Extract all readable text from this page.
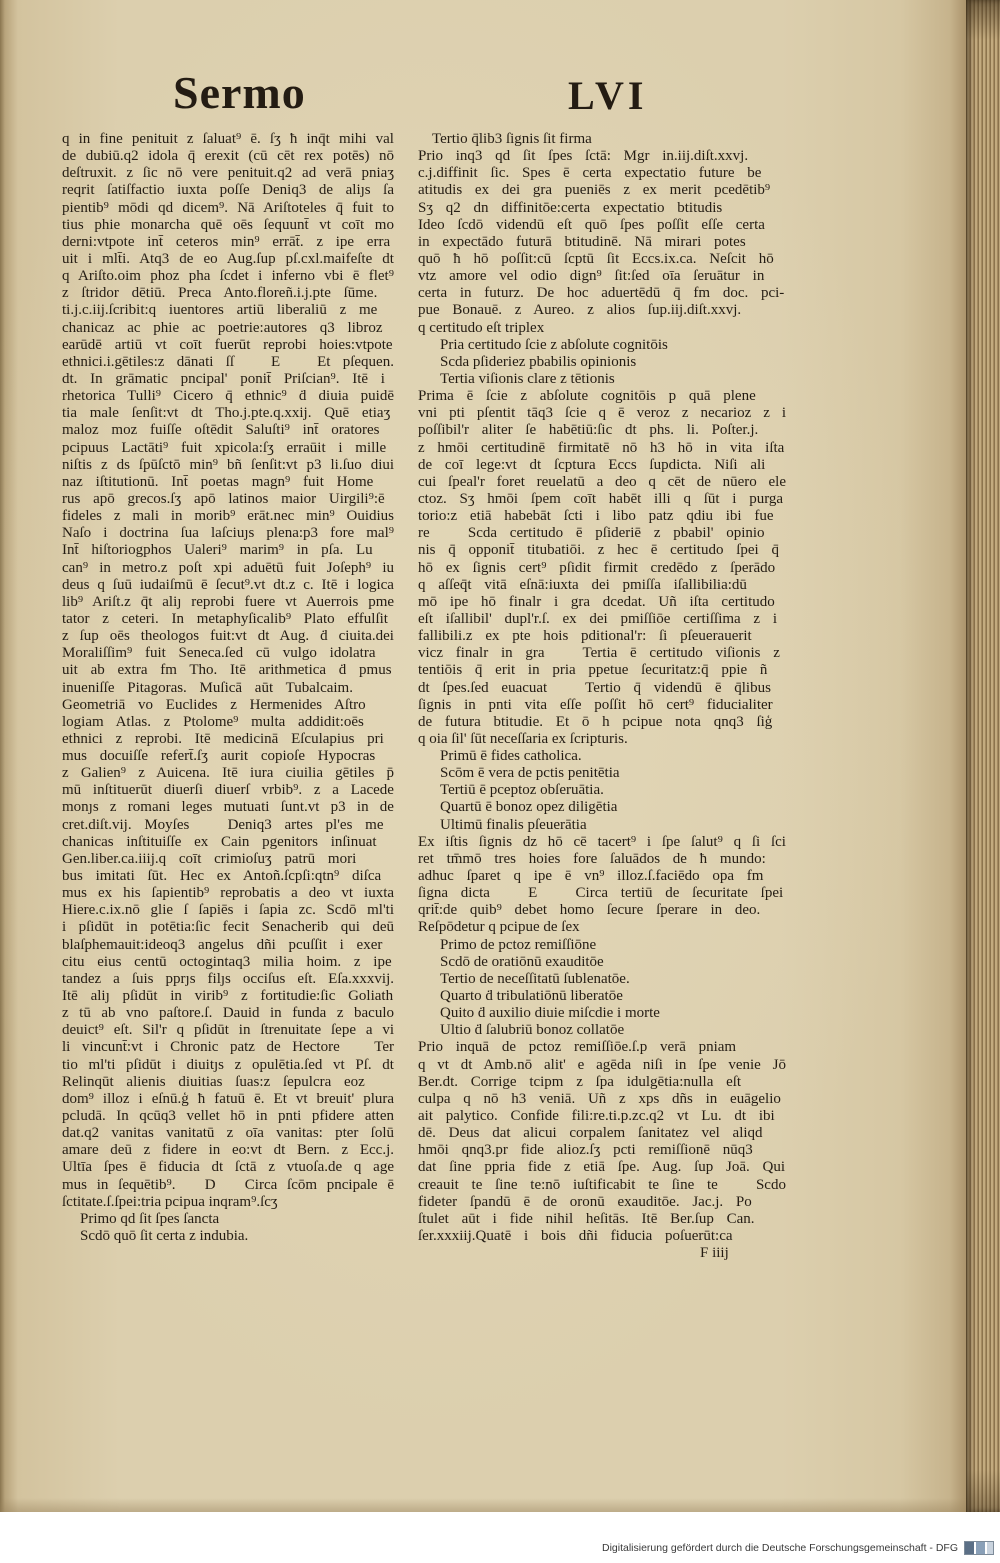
Sermo	LVI
q in fine penituit z ſaluat⁹ ē. ſʒ ħ inq̄t mihi val
de dubiū.q2 idola q̄ erexit (cū cēt rex potēs) nō
deſtruxit. z ſic nō vere penituit.q2 ad verā pniaʒ
reqrit ſatiſfactio iuxta poſſe Deniq3 de aliȷs ſa
pientib⁹ mōdi qd dicem⁹. Nā Ariſtoteles q̄ fuit to
tius phie monarcha quē oēs ſequunt̄ vt coīt mo
derni:vtpote int̄ ceteros min⁹ errāt̄. z ipe erra
uit i mlt̄i. Atq3 de eo Aug.ſup pſ.cxl.maifeſte dt
q Ariſto.oim phoz pha ſcdet i inferno vbi ē flet⁹
z ſtridor dētiū. Preca Anto.floreñ.i.j.pte ſūme.
ti.j.c.iij.ſcribit:q iuentores artiū liberaliū z me
chanicaz ac phie ac poetrie:autores q3 libroz
earūdē artiū vt coīt fuerūt reprobi hoies:vtpote
ethnici.i.gētiles:z dānati ſſ   E   Et pſequen.
dt. In grāmatic pncipal' ponit̄ Priſcian⁹. Itē i
rhetorica Tulli⁹ Cicero q̄ ethnic⁹ ḋ diuia puidē
tia male ſenſit:vt dt Tho.j.pte.q.xxij. Quē etiaʒ
maloz moz fuiſſe oſtēdit Saluſti⁹ int̄ oratores
pcipuus Lactāti⁹ fuit xpicola:ſʒ erraūit i mille
niſtis z ds ſpūſctō min⁹ bñ ſenſit:vt p3 li.ſuo diui
naz iſtitutionū. Int̄ poetas magn⁹ fuit Home
rus apō grecos.ſʒ apō latinos maior Uirgili⁹:ē
fideles z mali in morib⁹ erāt.nec min⁹ Ouidius
Naſo i doctrina ſua laſciuȷs plena:p3 fore mal⁹
Int̄ hiſtoriogphos Ualeri⁹ marim⁹ in pſa. Lu
can⁹ in metro.z poſt xpi aduētū fuit Joſeph⁹ iu
deus q ſuū iudaiſmū ē ſecut⁹.vt dt.z c. Itē i logica
lib⁹ Ariſt.z q̄t aliȷ reprobi fuere vt Auerrois pme
tator z ceteri. In metaphyſicalib⁹ Plato effulſit
z ſup oēs theologos fuit:vt dt Aug. ḋ ciuita.dei
Moraliſſim⁹ fuit Seneca.ſed cū vulgo idolatra
uit ab extra fm Tho. Itē arithmetica ḋ pmus
inueniſſe Pitagoras. Muſicā aūt Tubalcaim.
Geometriā vo Euclides z Hermenides Aſtro
logiam Atlas. z Ptolome⁹ multa addidit:oēs
ethnici z reprobi. Itē medicinā Eſculapius pri
mus docuiſſe refert̄.ſʒ aurit copioſe Hypocras
z Galien⁹ z Auicena. Itē iura ciuilia gētiles p̄
mū inſtituerūt diuerſi diuerſ vrbib⁹. z a Lacede
monȷs z romani leges mutuati ſunt.vt p3 in de
cret.diſt.vij. Moyſes   Deniq3 artes pl'es me
chanicas inſtituiſſe ex Cain pgenitors inſinuat
Gen.liber.ca.iiij.q coīt crimioſuʒ patrū mori
bus imitati ſūt. Hec ex Antoñ.ſcpſi:qtn⁹ diſca
mus ex his ſapientib⁹ reprobatis a deo vt iuxta
Hiere.c.ix.nō glie ſ ſapiēs i ſapia zc. Scdō ml'ti
i pſidūt in potētia:ſic fecit Senacherib qui deū
blaſphemauit:ideoq3 angelus dñi pcuſſit i exer
citu eius centū octogintaq3 milia hoim. z ipe
tandez a ſuis pprȷs filȷs occiſus eſt. Eſa.xxxvij.
Itē aliȷ pſidūt in virib⁹ z fortitudie:ſic Goliath
z tū ab vno paſtore.ſ. Dauid in funda z baculo
deuict⁹ eſt. Sil'r q pſidūt in ſtrenuitate ſepe a vi
li vincunt̄:vt i Chronic patz de Hectore   Ter
tio ml'ti pſidūt i diuitȷs z opulētia.ſed vt Pſ. dt
Relinqūt alienis diuitias ſuas:z ſepulcra eoz
dom⁹ illoz i eſnū.ģ ħ fatuū ē. Et vt breuit' plura
pcludā. In qcūq3 vellet hō in pnti pfidere atten
dat.q2 vanitas vanitatū z oīa vanitas: pter ſolū
amare deū z fidere in eo:vt dt Bern. z Ecc.j.
Ultīa ſpes ē fiducia dt ſctā z vtuoſa.de q age
mus in ſequētib⁹.   D   Circa ſcōm pncipale ē
ſctitate.ſ.ſpei:tria pcipua inqram⁹.ſcʒ
Primo qd ſit ſpes ſancta
Scdō quō ſit certa z indubia.
Tertio q̄lib3 ſignis ſit firma
Prio inq3 qd ſit ſpes ſctā: Mgr in.iij.diſt.xxvj.
c.j.diffinit ſic. Spes ē certa expectatio future be
atitudis ex dei gra pueniēs z ex merit pcedētib⁹
Sʒ q2 dn diffinitōe:certa expectatio btitudis
Ideo ſcdō videndū eſt quō ſpes poſſit eſſe certa
in expectādo futurā btitudinē. Nā mirari potes
quō ħ hō poſſit:cū ſcptū ſit Eccs.ix.ca. Neſcit hō
vtz amore vel odio dign⁹ ſit:ſed oīa ſeruātur in
certa in futurz. De hoc aduertēdū q̄ fm doc. pci-
pue Bonauē. z Aureo. z alios ſup.iij.diſt.xxvj.
q certitudo eſt triplex
Pria certitudo ſcie z abſolute cognitōis
Scda pſideriez pbabilis opinionis
Tertia viſionis clare z tētionis
Prima ē ſcie z abſolute cognitōis p quā plene
vni pti pſentit tāq3 ſcie q ē veroz z necarioz z i
poſſibil'r aliter ſe habētiū:ſic dt phs. li. Poſter.j.
z hmōi certitudinē firmitatē nō h3 hō in vita iſta
de coī lege:vt dt ſcptura Eccs ſupdicta. Niſi ali
cui ſpeal'r foret reuelatū a deo q cēt de nūero ele
ctoz. Sʒ hmōi ſpem coīt habēt illi q ſūt i purga
torio:z etiā habebāt ſcti i libo patz qdiu ibi fue
re   Scda certitudo ē pſideriē z pbabil' opinio
nis q̄ opponit̄ titubatiōi. z hec ē certitudo ſpei q̄
hō ex ſignis cert⁹ pſidit firmit credēdo z ſperādo
q aſſeq̄t vitā eſnā:iuxta dei pmiſſa iſallibilia:dū
mō ipe hō finalr i gra dcedat. Uñ iſta certitudo
eſt iſallibil' dupl'r.ſ. ex dei pmiſſiōe certiſſima z i
fallibili.z ex pte hois pditional'r: ſi pſeuerauerit
vicz finalr in gra   Tertia ē certitudo viſionis z
tentiōis q̄ erit in pria ppetue ſecuritatz:q̄ ppie ñ
dt ſpes.ſed euacuat   Tertio q̄ videndū ē q̄libus
ſignis in pnti vita eſſe poſſit hō cert⁹ fiducialiter
de futura btitudie. Et ō h pcipue nota qnq3 ſiģ
q oia ſil' ſūt neceſſaria ex ſcripturis.
Primū ē fides catholica.
Scōm ē vera de pctis penitētia
Tertiū ē pceptoz obſeruātia.
Quartū ē bonoz opez diligētia
Ultimū finalis pſeuerātia
Ex iſtis ſignis dz hō cē tacert⁹ i ſpe ſalut⁹ q ſi ſci
ret tm̄mō tres hoies fore ſaluādos de ħ mundo:
adhuc ſparet q ipe ē vn⁹ illoz.ſ.faciēdo opa fm
ſigna dicta   E   Circa tertiū de ſecuritate ſpei
qrit̄:de quib⁹ debet homo ſecure ſperare in deo.
Reſpōdetur q pcipue de ſex
Primo de pctoz remiſſiōne
Scdō de oratiōnū exauditōe
Tertio de neceſſitatū ſublenatōe.
Quarto ḋ tribulatiōnū liberatōe
Quito ḋ auxilio diuie miſcdie i morte
Ultio ḋ ſalubriū bonoz collatōe
Prio inquā de pctoz remiſſiōe.ſ.p verā pniam
q vt dt Amb.nō alit' e agēda niſi in ſpe venie Jō
Ber.dt. Corrige tcipm z ſpa idulgētia:nulla eſt
culpa q nō h3 veniā. Uñ z xps dñs in euāgelio
ait palytico. Confide fili:re.ti.p.zc.q2 vt Lu. dt ibi
dē. Deus dat alicui corpalem ſanitatez vel aliqd
hmōi qnq3.pr fide alioz.ſʒ pcti remiſſionē nūq3
dat ſine ppria fide z etiā ſpe. Aug. ſup Joā. Qui
creauit te ſine te:nō iuſtificabit te ſine te   Scdo
fideter ſpandū ē de oronū exauditōe. Jac.j. Po
ſtulet aūt i fide nihil heſitās. Itē Ber.ſup Can.
ſer.xxxiij.Quatē i bois dñi fiducia poſuerūt:ca
F iiij
Digitalisierung gefördert durch die Deutsche Forschungsgemeinschaft - DFG
